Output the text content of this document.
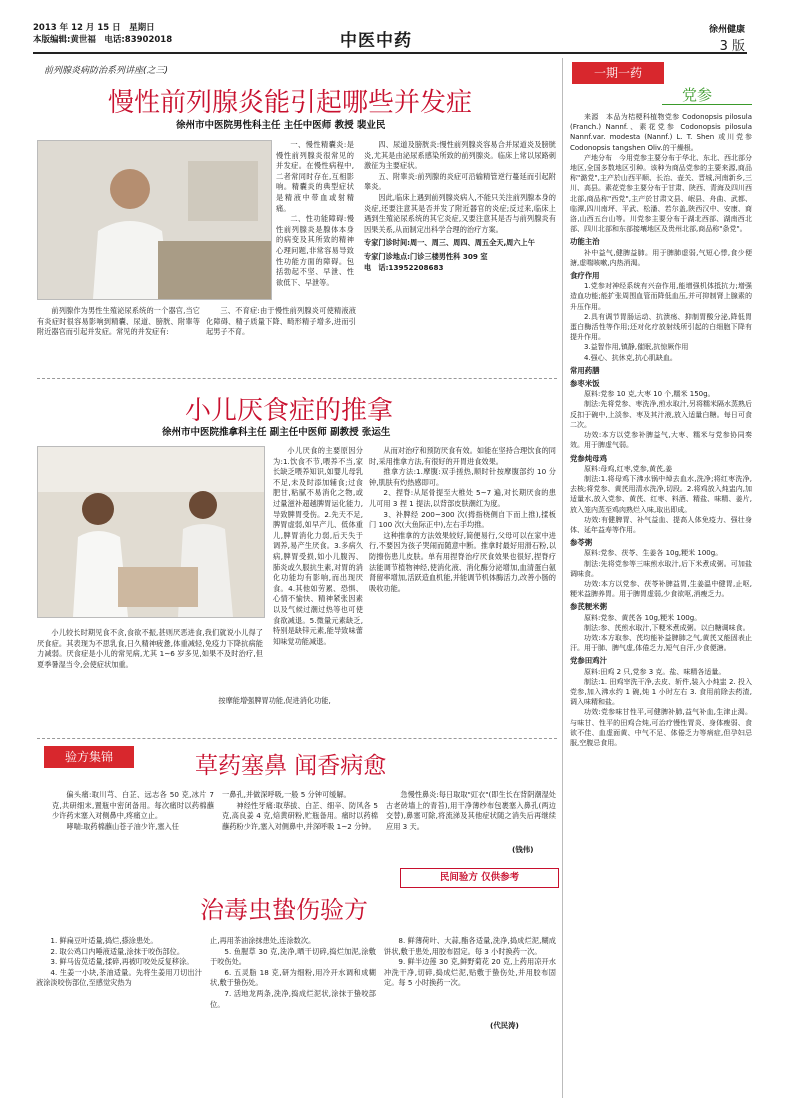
2013 年 12 月 15 日　星期日
本版编辑:黄世福　电话:83902018	中医中药
徐州健康
3 版
前列腺炎病防治系列讲座(之三)
慢性前列腺炎能引起哪些并发症
徐州市中医院男性科主任 主任中医师 教授 裴业民

一、慢性精囊炎:是慢性前列腺炎很常见的并发症。在慢性病程中,二者常同时存在,互相影响。精囊炎的典型症状是精液中带血或射精痛。

二、性功能障碍:慢性前列腺炎是腺体本身的病变及其所致的精神心理问题,非常容易导致性功能方面的障碍。包括勃起不坚、早泄、性欲低下、早泄等。

前列腺作为男性生殖泌尿系统的一个器官,当它有炎症时很容易影响到精囊、尿道、膀胱、附睾等附近器官而引起并发症。常见的并发症有:

三、不育症:由于慢性前列腺炎可使精液液化障碍、精子质量下降、畸形精子增多,进而引起男子不育。

四、尿道及膀胱炎:慢性前列腺炎容易合并尿道炎及膀胱炎,尤其是由泌尿系感染所致的前列腺炎。临床上常以尿路刺激征为主要症状。

五、附睾炎:前列腺的炎症可沿输精管逆行蔓延而引起附睾炎。

因此,临床上遇到前列腺炎病人,不能只关注前列腺本身的炎症,还要注意其是否并发了附近器官的炎症;反过来,临床上遇到生殖泌尿系统的其它炎症,又要注意其是否与前列腺炎有因果关系,从而制定出科学合理的治疗方案。

专家门诊时间:周一、周三、周四、周五全天,周六上午

专家门诊地点:门诊三楼男性科 309 室

电　话:13952208683

小儿厌食症的推拿
徐州市中医院推拿科主任 副主任中医师 副教授 张运生

小儿厌食的主要原因分为:1.饮食不节,喂养不当,家长缺乏喂养知识,如婴儿母乳不足,未及时添加辅食;过食肥甘,粘腻不易消化之物,或过量滋补超越脾胃运化能力,导致脾胃受伤。2.先天不足,脾胃虚弱,如早产儿、低体重儿,脾胃消化力弱,后天失于调养,易产生厌食。3.多病久病,脾胃受损,如小儿腹泻、肺炎或久服抗生素,对胃的消化功能均有影响,而出现厌食。4.其他如劳累、恐惧、心情不愉快、精神紧张因素以及气候过潮过热等也可使食欲减退。5.微量元素缺乏,特别是缺锌元素,能导致味蕾知味觉功能减退。

小儿较长时期见食不贪,食欲不振,甚则厌恶进食,我们就说小儿得了厌食症。其表现为不思乳食,日久精神疲惫,体重减轻,免疫力下降抗病能力减弱。厌食症是小儿的常见病,尤其 1~6 岁多见,如果不及时治疗,但夏季暑湿当令,会使症状加重。

按摩能增强脾胃功能,促进消化功能,

从而对治疗和预防厌食有效。如能在坚持合理饮食的同时,采用推拿方法,有很好的开胃进食效果。

推拿方法:1.摩腹:双手搓热,顺时针按摩腹部约 10 分钟,肌肤有灼热感即可。

2、捏脊:从尾骨提至大椎处 5~7 遍,对长期厌食的患儿可用 3 捏 1 提法,以背部皮肤潮红为度。

3、补脾经 200~300 次(拇指桡侧自下而上推),揉板门 100 次(大鱼际正中),左右手均推。

这种推拿的方法效果较好,简便易行,父母可以在家中进行,不要因为孩子哭闹而随意中断。推拿时最好用滑石粉,以防擦伤患儿皮肤。单有用捏脊治疗厌食效果也很好,捏脊疗法能调节植物神经,使消化液、消化酶分泌增加,血清蛋白氨肾留率增加,活跃造血机能,并能调节机体酶活力,改善小肠的吸收功能。

验方集锦	草药塞鼻 闻香病愈

偏头痛:取川芎、白芷、远志各 50 克,冰片 7 克,共研细末,置瓶中密闭备用。每次痛时以药棉蘸少许药末塞入对侧鼻中,疼痛立止。

哮喘:取药棉蘸山苍子油少许,塞入任

一鼻孔,并做深呼吸,一般 5 分钟可缓解。

神经性牙痛:取荜拔、白芷、细辛、防风各 5 克,高良姜 4 克,焙黄研粉,贮瓶备用。痛时以药棉蘸药粉少许,塞入对侧鼻中,并深呼吸 1~2 分钟。

急慢性鼻炎:每日取取"豇衣"(即生长在背阴潮湿处古老砖墙上的青苔),用干净薄纱布包裹塞入鼻孔(两边交替),鼻塞可除,将流涕及其他症状随之消失后再继续应用 3 天。

(钱伟)
民间验方 仅供参考
治毒虫蛰伤验方

1. 鲜扁豆叶适量,捣烂,搽涂患处。

2. 取公鸡口内唾液适量,涂抹于咬伤部位。

3. 鲜马齿苋适量,揉碎,再被叮咬处反复移涂。

4. 生姜一小块,茶油适量。先将生姜用刀切出汁液涂淡咬伤部位,至感觉灾热为

止,再用茶油涂抹患处,连涂数次。

5. 鱼腥草 30 克,洗净,晒干切碎,捣烂加泥,涂敷于咬伤处。

6. 五灵脂 18 克,研为细粉,用冷开水调和成糊状,敷于蛰伤处。

7. 活地龙两条,洗净,捣成烂泥状,涂抹于蛰咬部位。

8. 鲜薄荷叶、大蒜,酯各适量,洗净,捣成烂泥,糊成饼状,敷于患处,用胶布固定。每 3 小时换药一次。

9. 鲜半边莲 30 克,鲜野菊花 20 克,上药用凉开水冲洗干净,切碎,捣成烂泥,贴敷于蛰伤处,并用胶布固定。每 5 小时换药一次。

(代民涛)
一期一药
党参

来源　本品为桔梗科植物党参 Codonopsis pilosula (Franch.) Nannf.、素花党参 Codonopsis pilosula Nannf.var. modesta (Nannf.) L. T. Shen 或川党参 Codonopsis tangshen Oliv.的干燥根。

产地分布　今用党参主要分布于华北、东北、西北部分地区,全国多数地区引种。该种为商品党参的主要来源,商品称"潞党",主产於山西平顺、长治、壶关、晋城,河南新乡,三川、高县。素花党参主要分布于甘肃、陕西、青海及四川西北部,商品称"西党",主产於甘肃文县、岷县、舟曲、武都、临潭,四川南坪、平武、松潘、若尔盖,陕西汉中、安康、商洛,山西五台山等。川党参主要分布于湖北西部、湖南西北部、四川北部和东部接壤地区及贵州北部,商品称"条党"。

功能主治

补中益气,健脾益肺。用于脾肺虚弱,气短心悸,食少便溏,虚喘咳嗽,内热消渴。

食疗作用

1.党参对神经系统有兴奋作用,能增强机体抵抗力;增强造血功能;能扩张周围血管而降低血压,并可抑制肾上腺素的升压作用。

2.具有调节胃肠运动、抗溃疡、抑制胃酸分泌,降低胃蛋白酶活性等作用;还对化疗放射线所引起的白细胞下降有提升作用。

3.益智作用,镇静,催眠,抗惊厥作用

4.强心、抗休克,抗心肌缺血。

常用药膳
参枣米饭

原料:党参 10 克,大枣 10 个,糯米 150g。

制法:先将党参、枣洗净,煎水取汁,另将糯米隔水蒸熟后反扣于碗中,上淡参、枣及其汁液,放入适量白糖。每日可食二次。

功效:本方以党参补脾益气,大枣、糯米与党参协同奏效。用于脾虚气弱。

党参炖母鸡

原料:母鸡,红枣,党参,黄芪,姜

制法:1.将母鸡下沸水锅中焯去血水,洗净;将红枣洗净,去核;将党参、黄芪用清水洗净,切段。2.将鸡放入炖盅内,加适量水,放入党参、黄芪、红枣、料酒、精盐、味精、姜片,放入笼内蒸至鸡肉熟烂入味,取出即成。

功效:有健脾胃、补气益血、提高人体免疫力、强壮身体、延年益寿等作用。

参苓粥

原料:党参、茯苓、生姜各 10g,粳米 100g。

制法:先将党参等三味煎水取汁,后下米煮成粥。可加盐调味食。

功效:本方以党参、茯苓补脾益胃,生姜温中健胃,止呕,粳米益脾养胃。用于脾胃虚弱,少食欲呕,消瘦乏力。

参芪粳米粥

原料:党参、黄芪各 10g,粳米 100g。

制法:参、芪煎水取汁,下粳米煮成粥。以白糖调味食。

功效:本方取参、芪均能补益脾肺之气,黄芪又能固表止汗。用于肺、脾气虚,体倦乏力,短气自汗,少食便溏。

党参田鸡汁

原料:田鸡 2 只,党参 3 克。盐、味精各适量。

制法:1. 田鸡宰洗干净,去皮、斩件,装入小炖盅 2. 投入党参,加入沸水约 1 碗,炖 1 小时左右 3. 食用前除去药渣,调入味精和盐。

功效:党参味甘性平,可健脾补肺,益气补血,生津止渴。与味甘、性平的田鸡合炖,可治疗慢性胃炎、身体瘦弱、食欲不佳、血虚面黄、中气不足、体倦乏力等病症,但孕妇忌服,空腹忌食用。
